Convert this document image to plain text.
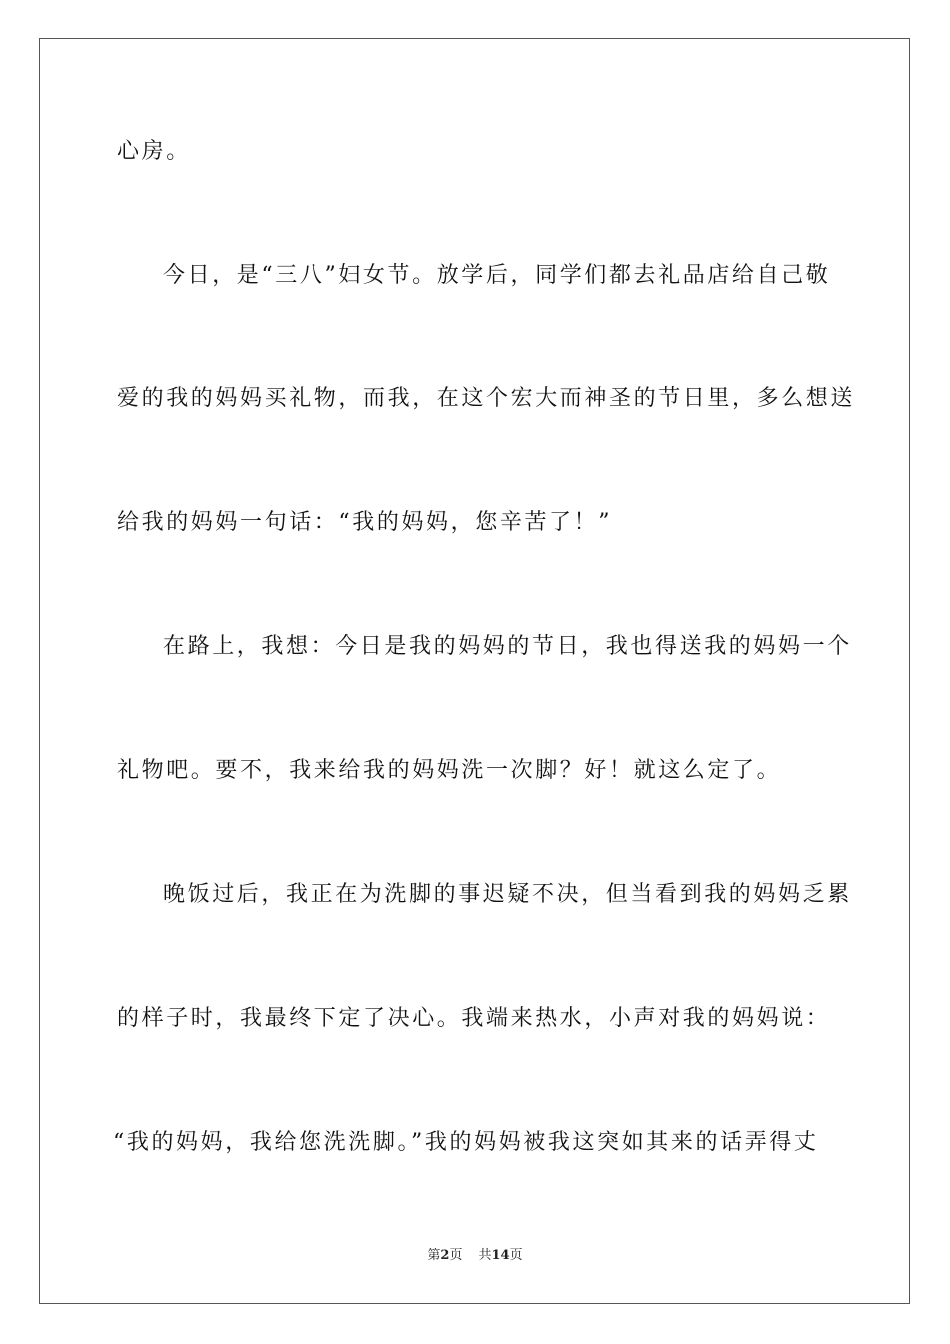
心房。
今日，是“三八”妇女节。放学后，同学们都去礼品店给自己敬
爱的我的妈妈买礼物，而我，在这个宏大而神圣的节日里，多么想送
给我的妈妈一句话：“我的妈妈，您辛苦了！”
在路上，我想：今日是我的妈妈的节日，我也得送我的妈妈一个
礼物吧。要不，我来给我的妈妈洗一次脚？好！就这么定了。
晚饭过后，我正在为洗脚的事迟疑不决，但当看到我的妈妈乏累
的样子时，我最终下定了决心。我端来热水，小声对我的妈妈说：
“我的妈妈，我给您洗洗脚。”我的妈妈被我这突如其来的话弄得丈
第2页 共14页
